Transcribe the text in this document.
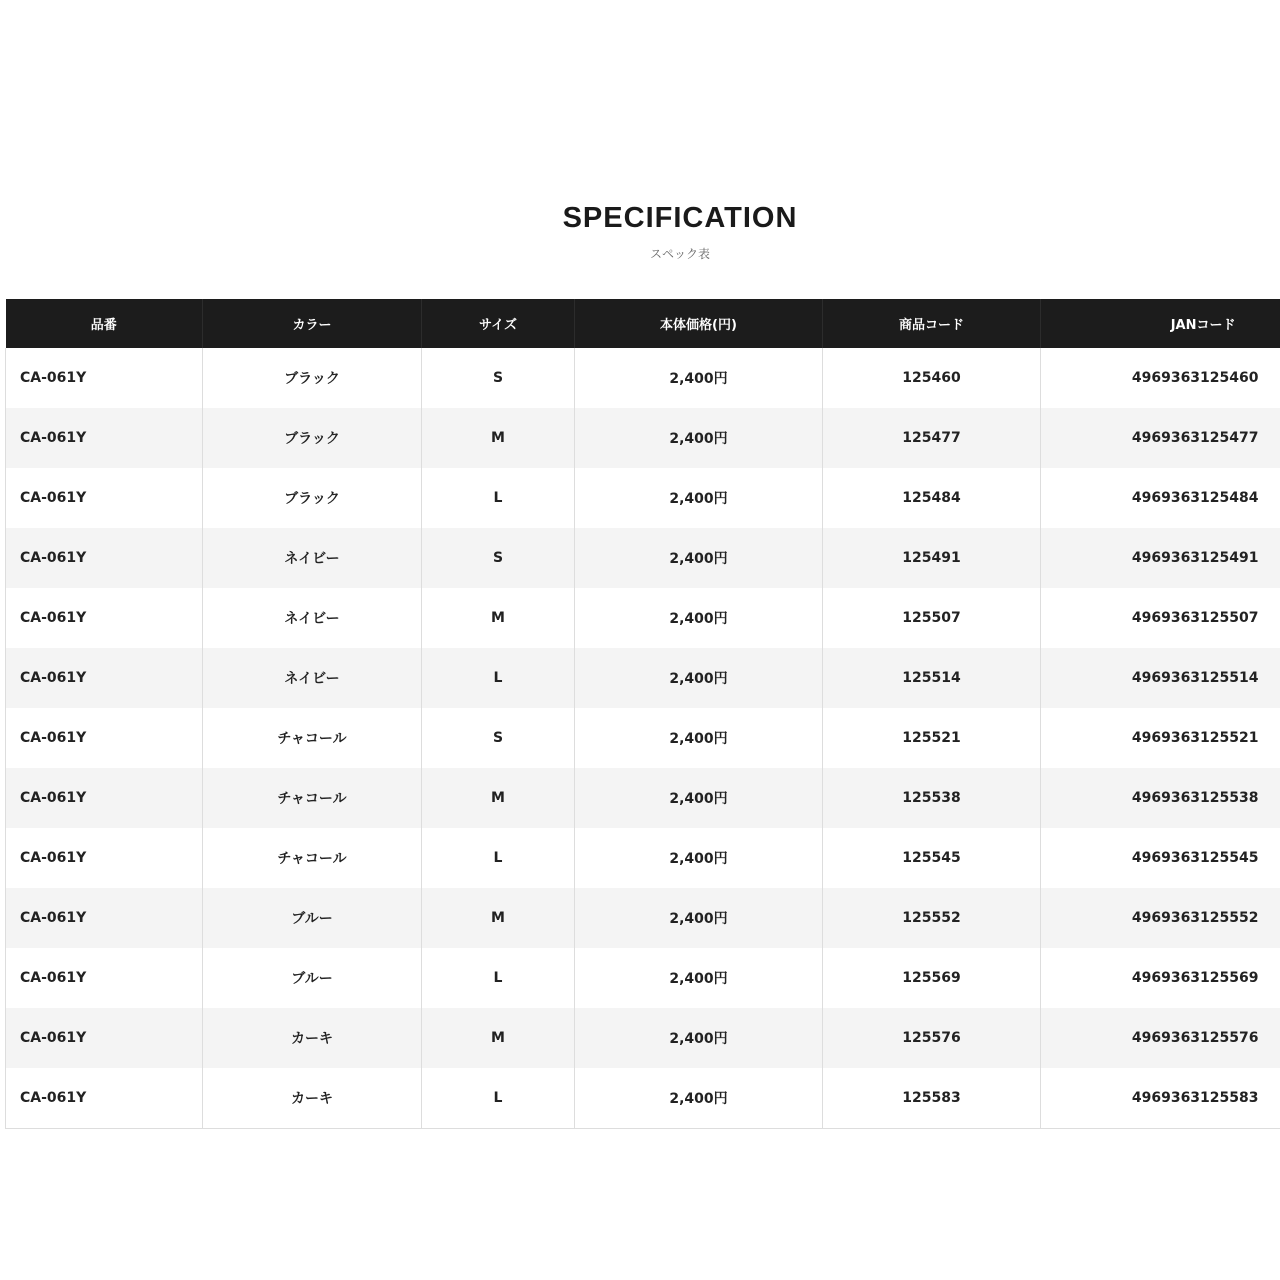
SPECIFICATION
スペック表
品番	カラー	サイズ	本体価格(円)	商品コード	JANコード
CA-061Y	ブラック	S	2,400円	125460	4969363125460
CA-061Y	ブラック	M	2,400円	125477	4969363125477
CA-061Y	ブラック	L	2,400円	125484	4969363125484
CA-061Y	ネイビー	S	2,400円	125491	4969363125491
CA-061Y	ネイビー	M	2,400円	125507	4969363125507
CA-061Y	ネイビー	L	2,400円	125514	4969363125514
CA-061Y	チャコール	S	2,400円	125521	4969363125521
CA-061Y	チャコール	M	2,400円	125538	4969363125538
CA-061Y	チャコール	L	2,400円	125545	4969363125545
CA-061Y	ブルー	M	2,400円	125552	4969363125552
CA-061Y	ブルー	L	2,400円	125569	4969363125569
CA-061Y	カーキ	M	2,400円	125576	4969363125576
CA-061Y	カーキ	L	2,400円	125583	4969363125583
